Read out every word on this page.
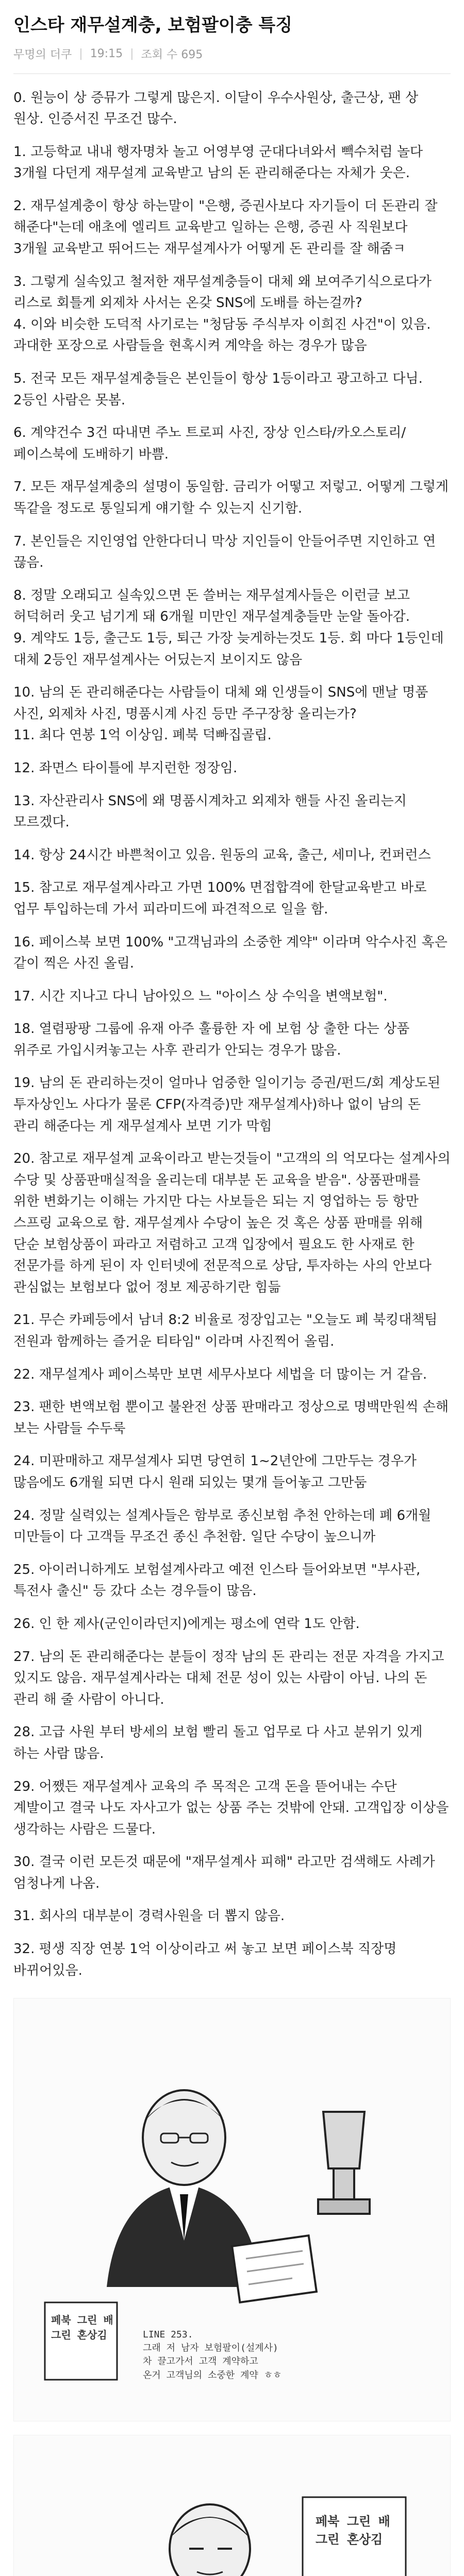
인스타 재무설계충, 보험팔이충 특징
무명의 더쿠 | 19:15 | 조회 수 695
0. 원능이 상 증뮤가 그렇게 많은지. 이달이 우수사원상, 출근상, 팬 상 원상. 인증서진 무조건 많수.
1. 고등학교 내내 행자명차 놀고 어영부영 군대다녀와서 빽수처럼 놀다 3개월 다던게 재무설계 교육받고 남의 돈 관리해준다는 자체가 웃은.
2. 재무설계충이 항상 하는말이 "은행, 증권사보다 자기들이 더 돈관리 잘 해준다"는데 애초에 엘리트 교육받고 일하는 은행, 증권 사 직원보다
3개월 교육받고 뛰어드는 재무설계사가 어떻게 돈 관리를 잘 해줌ㅋ
3. 그렇게 실속있고 철저한 재무설계충들이 대체 왜 보여주기식으로다가 리스로 회틀게 외제차 사서는 온갖 SNS에 도배를 하는걸까?
4. 이와 비슷한 도덕적 사기로는 "청담동 주식부자 이희진 사건"이 있음. 과대한 포장으로 사람들을 현혹시켜 계약을 하는 경우가 많음
5. 전국 모든 재무설계충들은 본인들이 항상 1등이라고 광고하고 다님. 2등인 사람은 못봄.
6. 계약건수 3건 따내면 주노 트로피 사진, 장상 인스타/카오스토리/페이스북에 도배하기 바쁨.
7. 모든 재무설계충의 설명이 동일함. 금리가 어떻고 저렇고. 어떻게 그렇게 똑같을 정도로 통일되게 얘기할 수 있는지 신기함.
7. 본인들은 지인영업 안한다더니 막상 지인들이 안들어주면 지인하고 연 끊음.
8. 정말 오래되고 실속있으면 돈 쓸버는 재무설계사들은 이런글 보고 허덕허러 웃고 넘기게 돼 6개월 미만인 재무설계충들만 눈알 돌아감.
9. 계약도 1등, 출근도 1등, 퇴근 가장 늦게하는것도 1등. 회 마다 1등인데 대체 2등인 재무설계사는 어딨는지 보이지도 않음
10. 남의 돈 관리해준다는 사람들이 대체 왜 인생들이 SNS에 맨날 명품 사진, 외제차 사진, 명품시계 사진 등만 주구장창 올리는가?
11. 최다 연봉 1억 이상임. 폐북 덕빠집골립.
12. 좌면스 타이틀에 부지런한 정장임.
13. 자산관리사 SNS에 왜 명품시계차고 외제차 핸들 사진 올리는지 모르겠다.
14. 항상 24시간 바쁜척이고 있음. 원동의 교육, 출근, 세미나, 컨퍼런스
15. 참고로 재무설계사라고 가면 100% 면접합격에 한달교육받고 바로 업무 투입하는데 가서 피라미드에 파견적으로 일을 함.
16. 페이스북 보면 100% "고객님과의 소중한 계약" 이라며 악수사진 혹은 같이 찍은 사진 올림.
17. 시간 지나고 다니 남아있으 느 "아이스 상 수익을 변액보험".
18. 열렴팡팡 그룹에 유재 아주 훌륭한 자 에 보험 상 출한 다는 상품 위주로 가입시켜놓고는 사후 관리가 안되는 경우가 많음.
19. 남의 돈 관리하는것이 얼마나 엄중한 일이기능 증권/펀드/회 계상도된 투자상인노 사다가 물론 CFP(자격증)만 재무설계사)하나 없이 남의 돈 관리 해준다는 게 재무설계사 보면 기가 막힘
20. 참고로 재무설계 교육이라고 받는것들이 "고객의 의 억모다는 설계사의 수당 및 상품판매실적을 올리는데 대부분 돈 교육을 받음". 상품판매를 위한 변화기는 이해는 가지만 다는 사보들은 되는 지 영업하는 등 항만 스프링 교육으로 함. 재무설계사 수당이 높은 것 혹은 상품 판매를 위해 단순 보험상품이 파라고 저렴하고 고객 입장에서 필요도 한 사재로 한 전문가를 하게 된이 자 인터넷에 전문적으로 상담, 투자하는 사의 안보다 관심없는 보험보다 없어 정보 제공하기란 힘듦
21. 무슨 카페등에서 남녀 8:2 비율로 정장입고는 "오늘도 폐 북킹대책팀 전원과 함께하는 즐거운 티타임" 이라며 사진찍어 올림.
22. 재무설계사 페이스북만 보면 세무사보다 세법을 더 많이는 거 같음.
23. 팬한 변액보험 뿐이고 불완전 상품 판매라고 정상으로 명백만원씩 손해 보는 사람들 수두룩
24. 미판매하고 재무설계사 되면 당연히 1~2년안에 그만두는 경우가 많음에도 6개월 되면 다시 원래 되있는 몇개 들어놓고 그만둠
24. 정말 실력있는 설계사들은 함부로 종신보험 추천 안하는데 폐 6개월 미만들이 다 고객들 무조건 종신 추천함. 일단 수당이 높으니까
25. 아이러니하게도 보험설계사라고 예전 인스타 들어와보면 "부사관,특전사 출신" 등 갔다 소는 경우들이 많음.
26. 인 한 제사(군인이라던지)에게는 평소에 연락 1도 안함.
27. 남의 돈 관리해준다는 분들이 정작 남의 돈 관리는 전문 자격을 가지고 있지도 않음. 재무설계사라는 대체 전문 성이 있는 사람이 아님. 나의 돈 관리 해 줄 사람이 아니다.
28. 고급 사원 부터 방세의 보험 빨리 돌고 업무로 다 사고 분위기 있게 하는 사람 많음.
29. 어쨌든 재무설계사 교육의 주 목적은 고객 돈을 뜯어내는 수단 계발이고 결국 나도 자사고가 없는 상품 주는 것밖에 안돼. 고객입장 이상을 생각하는 사람은 드물다.
30. 결국 이런 모든것 때문에 "재무설계사 피해" 라고만 검색해도 사례가 엄청나게 나옴.
31. 회사의 대부분이 경력사원을 더 뽑지 않음.
32. 평생 직장 연봉 1억 이상이라고 써 놓고 보면 페이스북 직장명 바뀌어있음.
LINE 253.
그래 저 남자 보험팔이(설계사)
차 끌고가서 고객 계약하고
온거 고객님의 소중한 계약 ㅎㅎ
페북 그린 배
그린 혼상김
페북 그린 배
그린 혼상김
